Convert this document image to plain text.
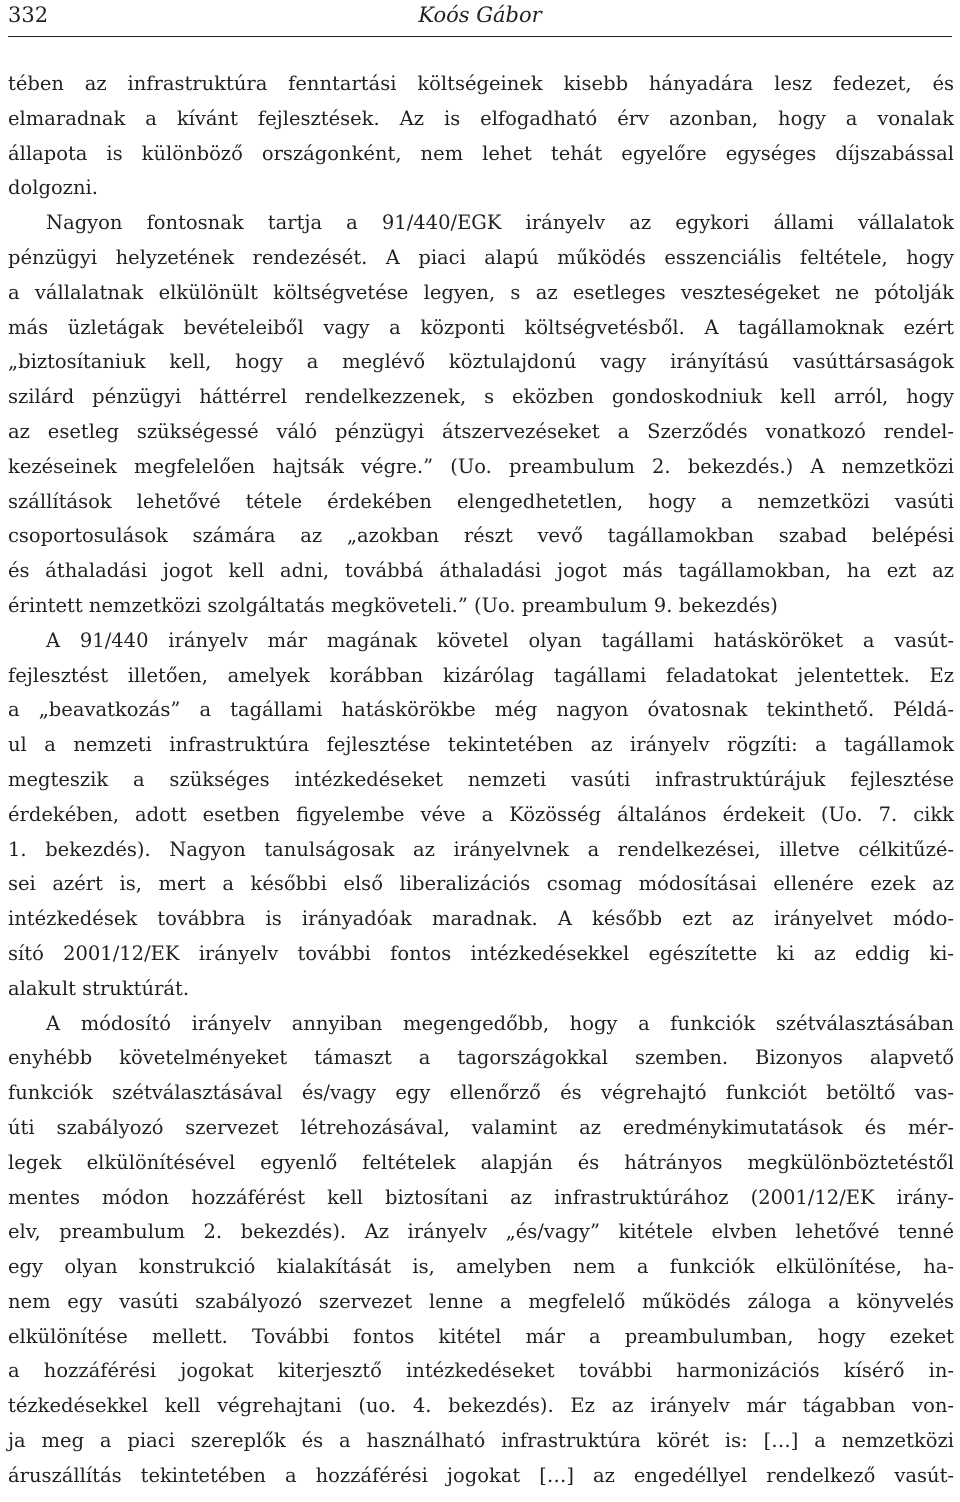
332	Koós Gábor
tében az infrastruktúra fenntartási költségeinek kisebb hányadára lesz fedezet, és
elmaradnak a kívánt fejlesztések. Az is elfogadható érv azonban, hogy a vonalak
állapota is különböző országonként, nem lehet tehát egyelőre egységes díjszabással
dolgozni.
Nagyon fontosnak tartja a 91/440/EGK irányelv az egykori állami vállalatok
pénzügyi helyzetének rendezését. A piaci alapú működés esszenciális feltétele, hogy
a vállalatnak elkülönült költségvetése legyen, s az esetleges veszteségeket ne pótolják
más üzletágak bevételeiből vagy a központi költségvetésből. A tagállamoknak ezért
„biztosítaniuk kell, hogy a meglévő köztulajdonú vagy irányítású vasúttársaságok
szilárd pénzügyi háttérrel rendelkezzenek, s eközben gondoskodniuk kell arról, hogy
az esetleg szükségessé váló pénzügyi átszervezéseket a Szerződés vonatkozó rendel-
kezéseinek megfelelően hajtsák végre.” (Uo. preambulum 2. bekezdés.) A nemzetközi
szállítások lehetővé tétele érdekében elengedhetetlen, hogy a nemzetközi vasúti
csoportosulások számára az „azokban részt vevő tagállamokban szabad belépési
és áthaladási jogot kell adni, továbbá áthaladási jogot más tagállamokban, ha ezt az
érintett nemzetközi szolgáltatás megköveteli.” (Uo. preambulum 9. bekezdés)
A 91/440 irányelv már magának követel olyan tagállami hatásköröket a vasút-
fejlesztést illetően, amelyek korábban kizárólag tagállami feladatokat jelentettek. Ez
a „beavatkozás” a tagállami hatáskörökbe még nagyon óvatosnak tekinthető. Példá-
ul a nemzeti infrastruktúra fejlesztése tekintetében az irányelv rögzíti: a tagállamok
megteszik a szükséges intézkedéseket nemzeti vasúti infrastruktúrájuk fejlesztése
érdekében, adott esetben figyelembe véve a Közösség általános érdekeit (Uo. 7. cikk
1. bekezdés). Nagyon tanulságosak az irányelvnek a rendelkezései, illetve célkitűzé-
sei azért is, mert a későbbi első liberalizációs csomag módosításai ellenére ezek az
intézkedések továbbra is irányadóak maradnak. A később ezt az irányelvet módo-
sító 2001/12/EK irányelv további fontos intézkedésekkel egészítette ki az eddig ki-
alakult struktúrát.
A módosító irányelv annyiban megengedőbb, hogy a funkciók szétválasztásában
enyhébb követelményeket támaszt a tagországokkal szemben. Bizonyos alapvető
funkciók szétválasztásával és/vagy egy ellenőrző és végrehajtó funkciót betöltő vas-
úti szabályozó szervezet létrehozásával, valamint az eredménykimutatások és mér-
legek elkülönítésével egyenlő feltételek alapján és hátrányos megkülönböztetéstől
mentes módon hozzáférést kell biztosítani az infrastruktúrához (2001/12/EK irány-
elv, preambulum 2. bekezdés). Az irányelv „és/vagy” kitétele elvben lehetővé tenné
egy olyan konstrukció kialakítását is, amelyben nem a funkciók elkülönítése, ha-
nem egy vasúti szabályozó szervezet lenne a megfelelő működés záloga a könyvelés
elkülönítése mellett. További fontos kitétel már a preambulumban, hogy ezeket
a hozzáférési jogokat kiterjesztő intézkedéseket további harmonizációs kísérő in-
tézkedésekkel kell végrehajtani (uo. 4. bekezdés). Ez az irányelv már tágabban von-
ja meg a piaci szereplők és a használható infrastruktúra körét is: […] a nemzetközi
áruszállítás tekintetében a hozzáférési jogokat […] az engedéllyel rendelkező vasút-
